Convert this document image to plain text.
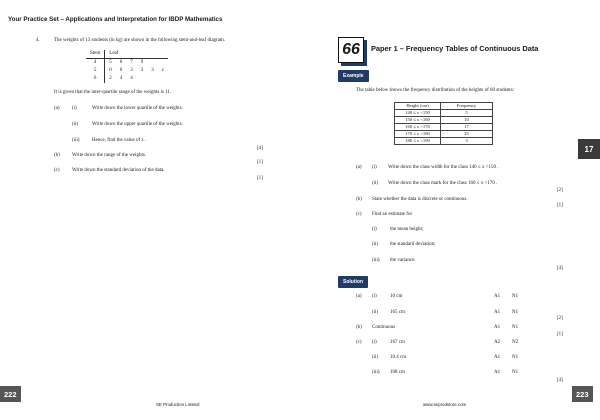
Your Practice Set – Applications and Interpretation for IBDP Mathematics
4.	The weights of 13 students (in kg) are shown in the following stem-and-leaf diagram.
Stem	Leaf					
4	5	6	7	9		
5	0	0	3	3	3	z
6	2	4	4			
It is given that the inter-quartile range of the weights is 11.
(a) (i)	Write down the lower quartile of the weights.
(ii)	Write down the upper quartile of the weights.
(iii)	Hence, find the value of z .
[4]
(b) Write down the range of the weights.
[1]
(c) Write down the standard deviation of the data.
[1]
222
SE Production Limited
66	Paper 1 – Frequency Tables of Continuous Data
Example
The table below shows the frequency distribution of the heights of 60 students:
Height (cm)	Frequency
140 ≤ x <150	5
150 ≤ x <160	10
160 ≤ x <170	17
170 ≤ x <180	25
180 ≤ x <190	3
(a) (i) Write down the class width for the class 140 ≤ x <150 .
(ii) Write down the class mark for the class 160 ≤ x <170 .
[2]
(b) State whether the data is discrete or continuous.
[1]
(c) Find an estimate for
(i)	the mean height;
(ii) the standard deviation;
(iii) the variance.
[4]
Solution
(a) (i)	10 cm	A1 N1
(ii) 165 cm	A1 N1
[2]
(b) Continuous	A1 N1
[1]
(c) (i)	167 cm	A2 N2
(ii) 10.4 cm	A1 N1
(iii) 108 cm	A1 N1
[4]
17
www.seprodstore.com
223
